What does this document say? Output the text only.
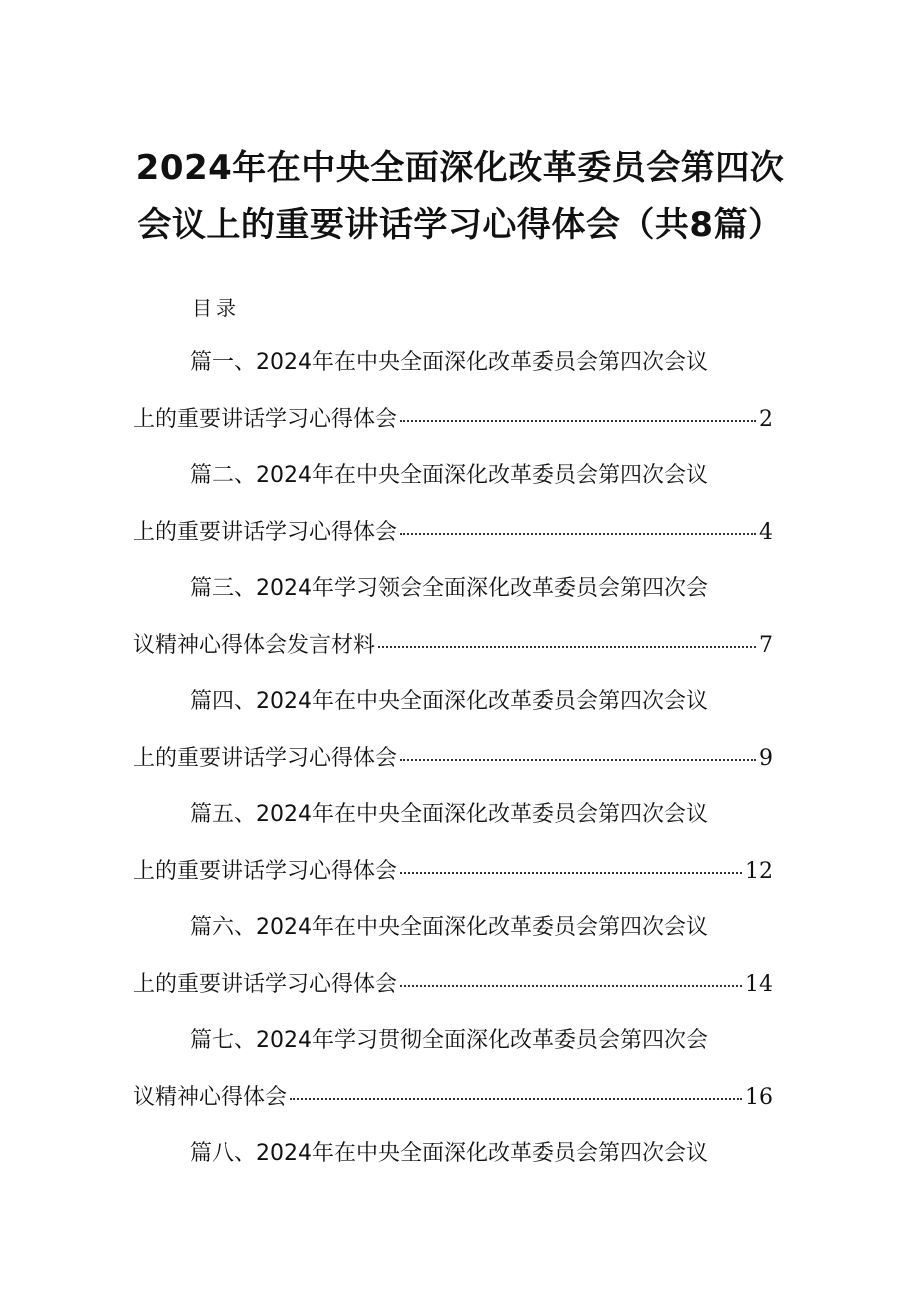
2024年在中央全面深化改革委员会第四次
会议上的重要讲话学习心得体会（共8篇）
目录
篇一、2024年在中央全面深化改革委员会第四次会议
上的重要讲话学习心得体会	2
篇二、2024年在中央全面深化改革委员会第四次会议
上的重要讲话学习心得体会	4
篇三、2024年学习领会全面深化改革委员会第四次会
议精神心得体会发言材料	7
篇四、2024年在中央全面深化改革委员会第四次会议
上的重要讲话学习心得体会	9
篇五、2024年在中央全面深化改革委员会第四次会议
上的重要讲话学习心得体会	12
篇六、2024年在中央全面深化改革委员会第四次会议
上的重要讲话学习心得体会	14
篇七、2024年学习贯彻全面深化改革委员会第四次会
议精神心得体会	16
篇八、2024年在中央全面深化改革委员会第四次会议
